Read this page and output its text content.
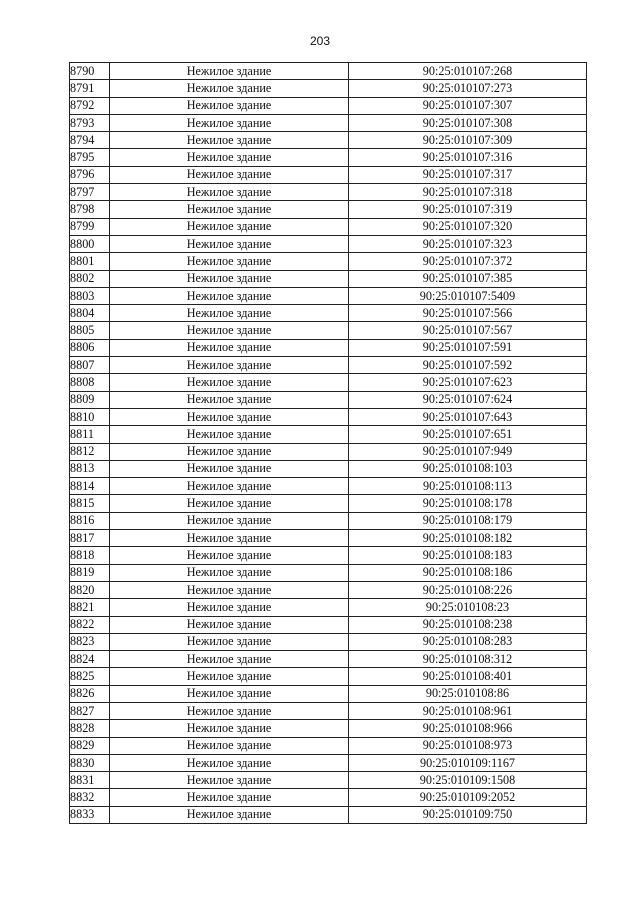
203
8790	Нежилое здание	90:25:010107:268
8791	Нежилое здание	90:25:010107:273
8792	Нежилое здание	90:25:010107:307
8793	Нежилое здание	90:25:010107:308
8794	Нежилое здание	90:25:010107:309
8795	Нежилое здание	90:25:010107:316
8796	Нежилое здание	90:25:010107:317
8797	Нежилое здание	90:25:010107:318
8798	Нежилое здание	90:25:010107:319
8799	Нежилое здание	90:25:010107:320
8800	Нежилое здание	90:25:010107:323
8801	Нежилое здание	90:25:010107:372
8802	Нежилое здание	90:25:010107:385
8803	Нежилое здание	90:25:010107:5409
8804	Нежилое здание	90:25:010107:566
8805	Нежилое здание	90:25:010107:567
8806	Нежилое здание	90:25:010107:591
8807	Нежилое здание	90:25:010107:592
8808	Нежилое здание	90:25:010107:623
8809	Нежилое здание	90:25:010107:624
8810	Нежилое здание	90:25:010107:643
8811	Нежилое здание	90:25:010107:651
8812	Нежилое здание	90:25:010107:949
8813	Нежилое здание	90:25:010108:103
8814	Нежилое здание	90:25:010108:113
8815	Нежилое здание	90:25:010108:178
8816	Нежилое здание	90:25:010108:179
8817	Нежилое здание	90:25:010108:182
8818	Нежилое здание	90:25:010108:183
8819	Нежилое здание	90:25:010108:186
8820	Нежилое здание	90:25:010108:226
8821	Нежилое здание	90:25:010108:23
8822	Нежилое здание	90:25:010108:238
8823	Нежилое здание	90:25:010108:283
8824	Нежилое здание	90:25:010108:312
8825	Нежилое здание	90:25:010108:401
8826	Нежилое здание	90:25:010108:86
8827	Нежилое здание	90:25:010108:961
8828	Нежилое здание	90:25:010108:966
8829	Нежилое здание	90:25:010108:973
8830	Нежилое здание	90:25:010109:1167
8831	Нежилое здание	90:25:010109:1508
8832	Нежилое здание	90:25:010109:2052
8833	Нежилое здание	90:25:010109:750
